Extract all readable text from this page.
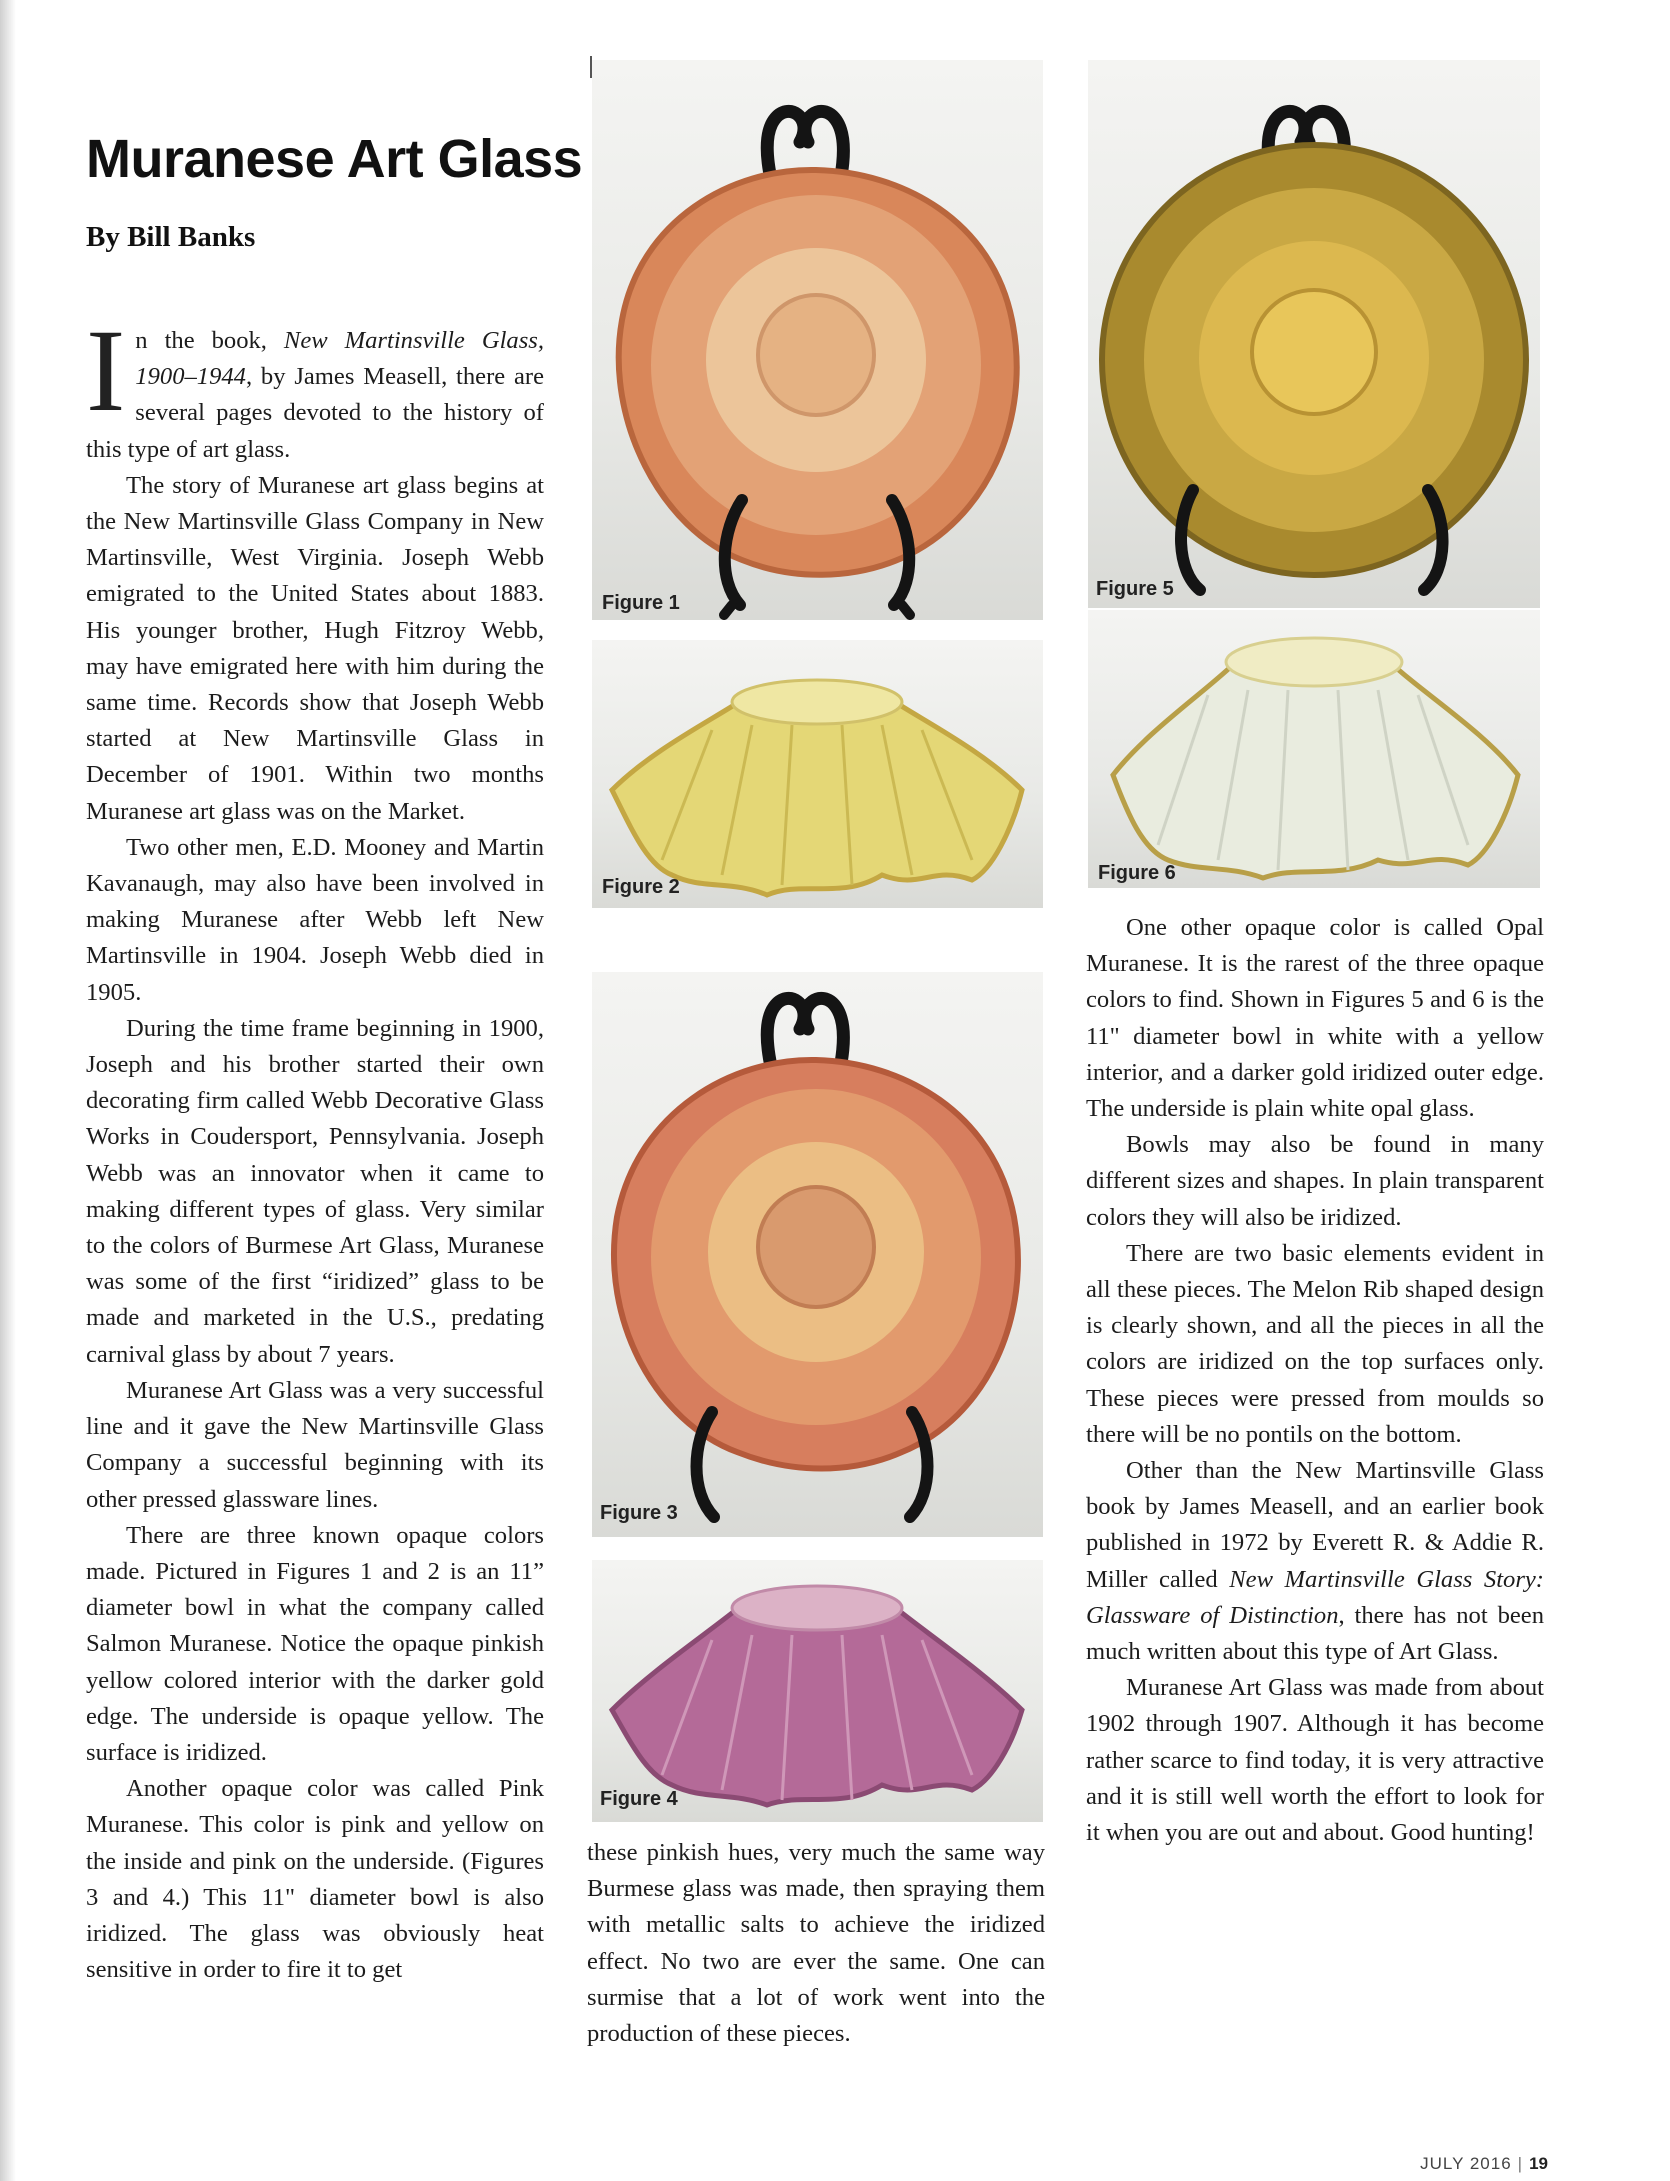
Muranese Art Glass
By Bill Banks

In the book, New Martinsville Glass, 1900–1944, by James Measell, there are several pages devoted to the history of this type of art glass.

The story of Muranese art glass begins at the New Martinsville Glass Company in New Martinsville, West Virginia. Joseph Webb emigrated to the United States about 1883. His younger brother, Hugh Fitzroy Webb, may have emigrated here with him during the same time. Records show that Joseph Webb started at New Martinsville Glass in December of 1901. Within two months Muranese art glass was on the Market.

Two other men, E.D. Mooney and Martin Kavanaugh, may also have been involved in making Muranese after Webb left New Martinsville in 1904. Joseph Webb died in 1905.

During the time frame beginning in 1900, Joseph and his brother started their own decorating firm called Webb Decorative Glass Works in Coudersport, Pennsylvania. Joseph Webb was an innovator when it came to making different types of glass. Very similar to the colors of Burmese Art Glass, Muranese was some of the first “iridized” glass to be made and marketed in the U.S., predating carnival glass by about 7 years.

Muranese Art Glass was a very successful line and it gave the New Martinsville Glass Company a successful beginning with its other pressed glassware lines.

There are three known opaque colors made. Pictured in Figures 1 and 2 is an 11” diameter bowl in what the company called Salmon Muranese. Notice the opaque pinkish yellow colored interior with the darker gold edge. The underside is opaque yellow. The surface is iridized.

Another opaque color was called Pink Muranese. This color is pink and yellow on the inside and pink on the underside. (Figures 3 and 4.) This 11" diameter bowl is also iridized. The glass was obviously heat sensitive in order to fire it to get

these pinkish hues, very much the same way Burmese glass was made, then spraying them with metallic salts to achieve the iridized effect. No two are ever the same. One can surmise that a lot of work went into the production of these pieces.

One other opaque color is called Opal Muranese. It is the rarest of the three opaque colors to find. Shown in Figures 5 and 6 is the 11" diameter bowl in white with a yellow interior, and a darker gold iridized outer edge. The underside is plain white opal glass.

Bowls may also be found in many different sizes and shapes. In plain transparent colors they will also be iridized.

There are two basic elements evident in all these pieces. The Melon Rib shaped design is clearly shown, and all the pieces in all the colors are iridized on the top surfaces only. These pieces were pressed from moulds so there will be no pontils on the bottom.

Other than the New Martinsville Glass book by James Measell, and an earlier book published in 1972 by Everett R. & Addie R. Miller called New Martinsville Glass Story: Glassware of Distinction, there has not been much written about this type of Art Glass.

Muranese Art Glass was made from about 1902 through 1907. Although it has become rather scarce to find today, it is very attractive and it is still well worth the effort to look for it when you are out and about. Good hunting!

Figure 1
Figure 2
Figure 5
Figure 6
Figure 3
Figure 4
JULY 2016 | 19
